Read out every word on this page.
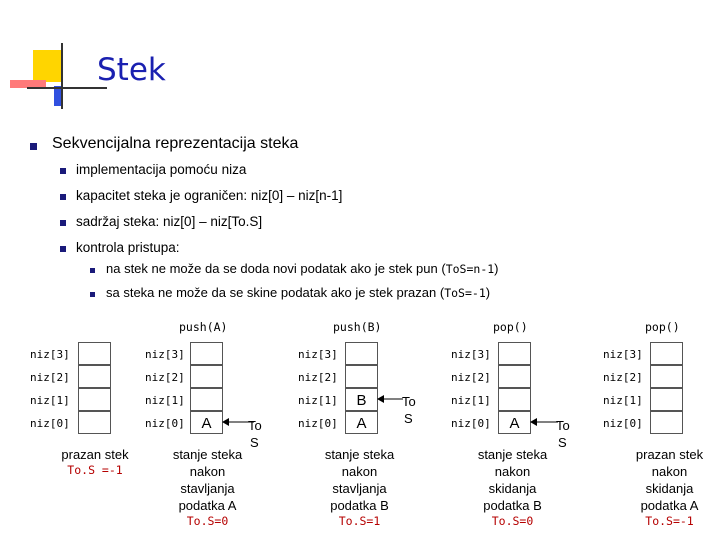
Stek
Sekvencijalna reprezentacija steka
implementacija pomoću niza
kapacitet steka je ograničen: niz[0] – niz[n-1]
sadržaj steka: niz[0] – niz[To.S]
kontrola pristupa:
na stek ne može da se doda novi podatak ako je stek pun (ToS=n-1)
sa steka ne može da se skine podatak ako je stek prazan (ToS=-1)
push(A)	push(B)	pop()	pop()
niz[3]
niz[2]
niz[1]
niz[0]
prazan stek
To.S =-1
niz[3]
niz[2]
niz[1]
niz[0]	A	To
S
stanje steka
nakon
stavljanja
podatka A
To.S=0
niz[3]
niz[2]
niz[1]
niz[0]
B
A
To
S
stanje steka
nakon
stavljanja
podatka B
To.S=1
niz[3]
niz[2]
niz[1]
niz[0]	A	To
S
stanje steka
nakon
skidanja
podatka B
To.S=0
niz[3]
niz[2]
niz[1]
niz[0]
prazan stek
nakon
skidanja
podatka A
To.S=-1
